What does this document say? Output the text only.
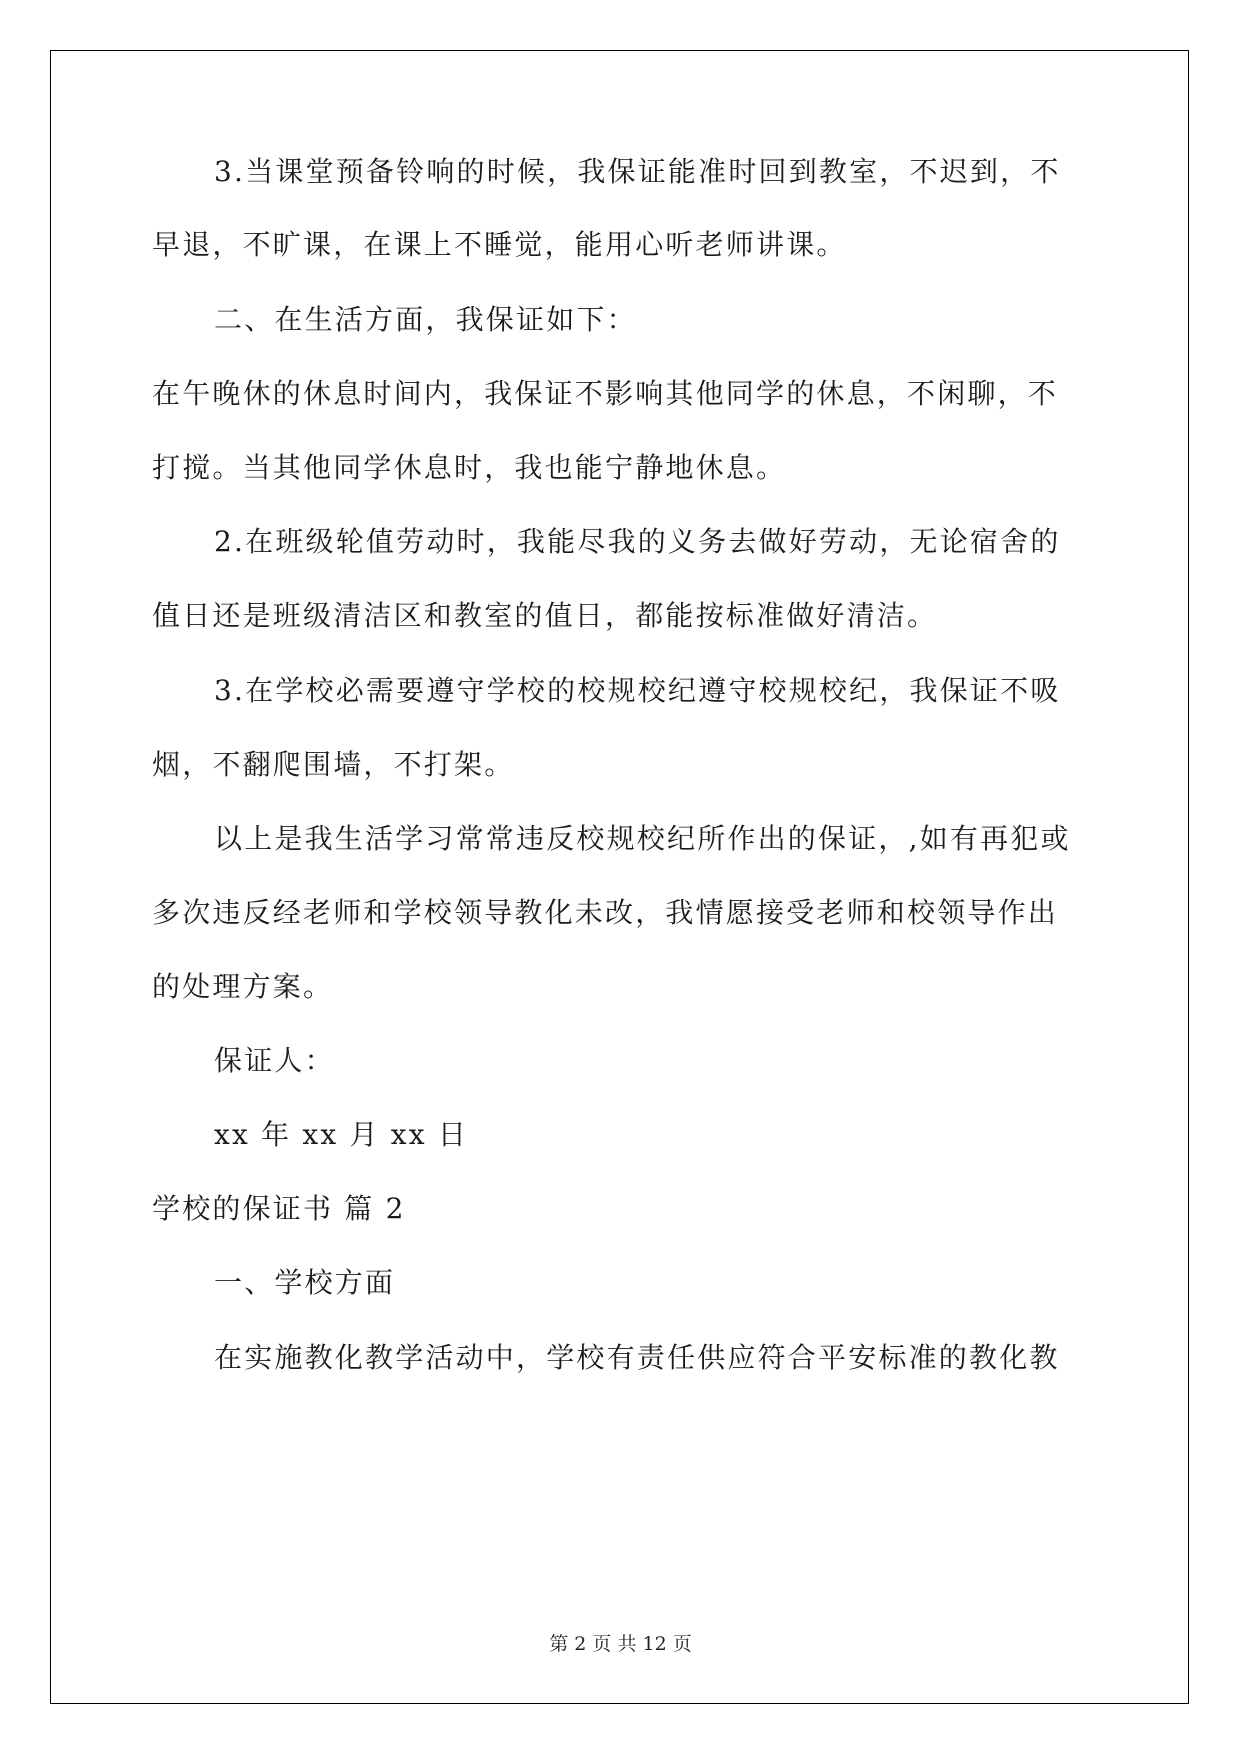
3.当课堂预备铃响的时候，我保证能准时回到教室，不迟到，不
早退，不旷课，在课上不睡觉，能用心听老师讲课。
二、在生活方面，我保证如下：
在午晚休的休息时间内，我保证不影响其他同学的休息，不闲聊，不
打搅。当其他同学休息时，我也能宁静地休息。
2.在班级轮值劳动时，我能尽我的义务去做好劳动，无论宿舍的
值日还是班级清洁区和教室的值日，都能按标准做好清洁。
3.在学校必需要遵守学校的校规校纪遵守校规校纪，我保证不吸
烟，不翻爬围墙，不打架。
以上是我生活学习常常违反校规校纪所作出的保证，,如有再犯或
多次违反经老师和学校领导教化未改，我情愿接受老师和校领导作出
的处理方案。
保证人：
xx 年 xx 月 xx 日
学校的保证书 篇 2
一、学校方面
在实施教化教学活动中，学校有责任供应符合平安标准的教化教
第 2 页 共 12 页
